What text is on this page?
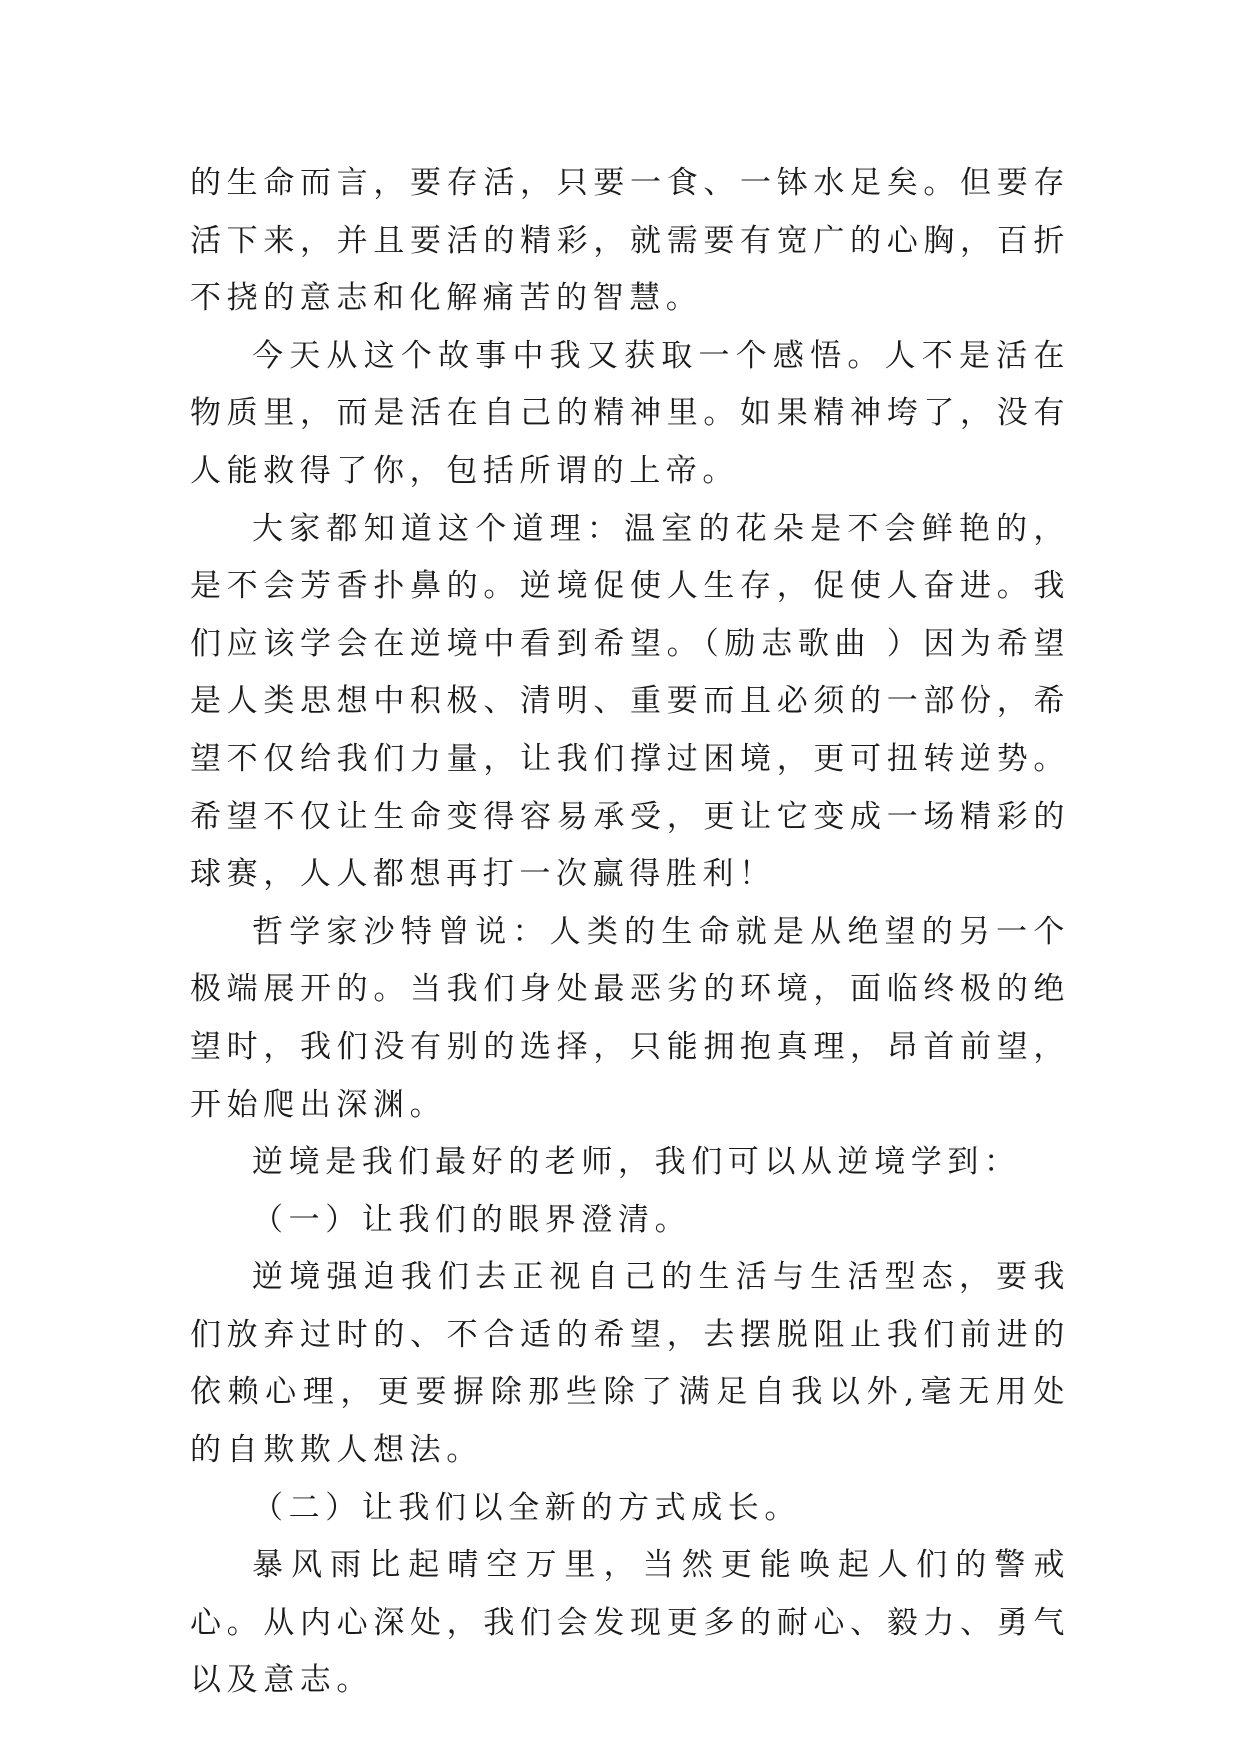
的生命而言，要存活，只要一食、一钵水足矣。但要存活下来，并且要活的精彩，就需要有宽广的心胸，百折不挠的意志和化解痛苦的智慧。

今天从这个故事中我又获取一个感悟。人不是活在物质里，而是活在自己的精神里。如果精神垮了，没有人能救得了你，包括所谓的上帝。

大家都知道这个道理：温室的花朵是不会鲜艳的，是不会芳香扑鼻的。逆境促使人生存，促使人奋进。我们应该学会在逆境中看到希望。（励志歌曲 ）因为希望是人类思想中积极、清明、重要而且必须的一部份，希望不仅给我们力量，让我们撑过困境，更可扭转逆势。希望不仅让生命变得容易承受，更让它变成一场精彩的球赛，人人都想再打一次赢得胜利！

哲学家沙特曾说：人类的生命就是从绝望的另一个极端展开的。当我们身处最恶劣的环境，面临终极的绝望时，我们没有别的选择，只能拥抱真理，昂首前望，开始爬出深渊。

逆境是我们最好的老师，我们可以从逆境学到：

（一）让我们的眼界澄清。

逆境强迫我们去正视自己的生活与生活型态，要我们放弃过时的、不合适的希望，去摆脱阻止我们前进的依赖心理，更要摒除那些除了满足自我以外,毫无用处的自欺欺人想法。

（二）让我们以全新的方式成长。

暴风雨比起晴空万里，当然更能唤起人们的警戒心。从内心深处，我们会发现更多的耐心、毅力、勇气以及意志。
